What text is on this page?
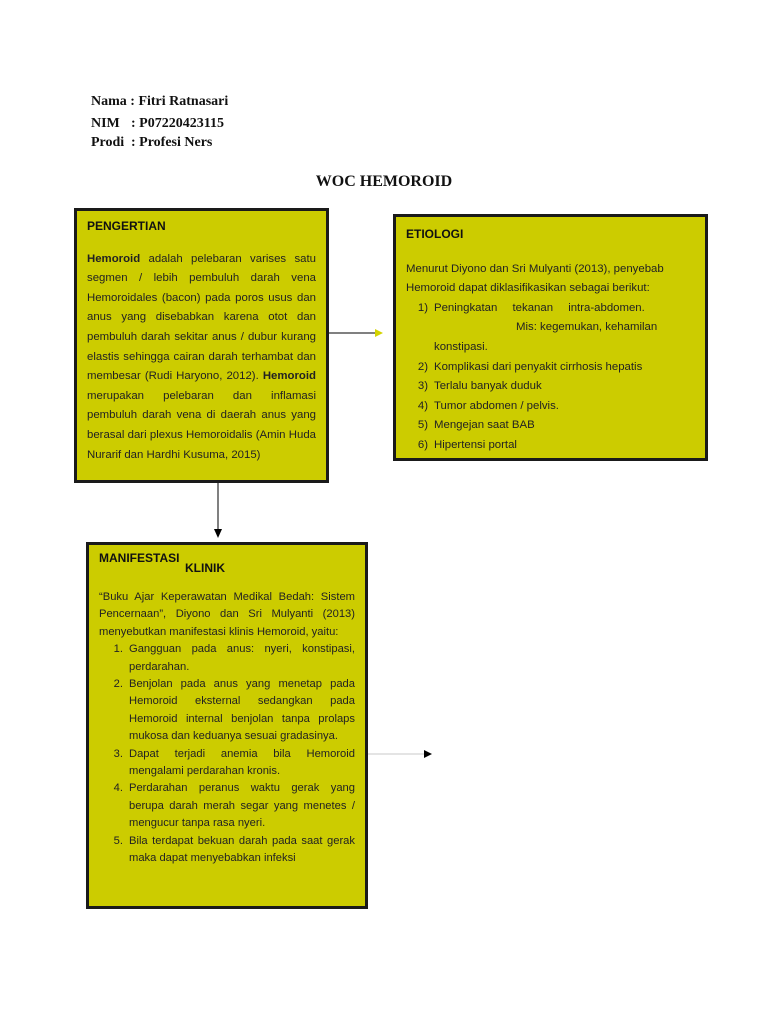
Nama : Fitri Ratnasari
NIM : P07220423115
Prodi : Profesi Ners
WOC HEMOROID
PENGERTIAN
Hemoroid adalah pelebaran varises satu segmen / lebih pembuluh darah vena Hemoroidales (bacon) pada poros usus dan anus yang disebabkan karena otot dan pembuluh darah sekitar anus / dubur kurang elastis sehingga cairan darah terhambat dan membesar (Rudi Haryono, 2012). Hemoroid merupakan pelebaran dan inflamasi pembuluh darah vena di daerah anus yang berasal dari plexus Hemoroidalis (Amin Huda Nurarif dan Hardhi Kusuma, 2015)
ETIOLOGI
Menurut Diyono dan Sri Mulyanti (2013), penyebab Hemoroid dapat diklasifikasikan sebagai berikut:
1) Peningkatan tekanan intra-abdomen.
Mis: kegemukan, kehamilan
konstipasi.
2) Komplikasi dari penyakit cirrhosis hepatis
3) Terlalu banyak duduk
4) Tumor abdomen / pelvis.
5) Mengejan saat BAB
6) Hipertensi portal
MANIFESTASI
KLINIK
“Buku Ajar Keperawatan Medikal Bedah: Sistem Pencernaan”, Diyono dan Sri Mulyanti (2013) menyebutkan manifestasi klinis Hemoroid, yaitu:
1. Gangguan pada anus: nyeri, konstipasi, perdarahan.
2. Benjolan pada anus yang menetap pada Hemoroid eksternal sedangkan pada Hemoroid internal benjolan tanpa prolaps mukosa dan keduanya sesuai gradasinya.
3. Dapat terjadi anemia bila Hemoroid mengalami perdarahan kronis.
4. Perdarahan peranus waktu gerak yang berupa darah merah segar yang menetes / mengucur tanpa rasa nyeri.
5. Bila terdapat bekuan darah pada saat gerak maka dapat menyebabkan infeksi
